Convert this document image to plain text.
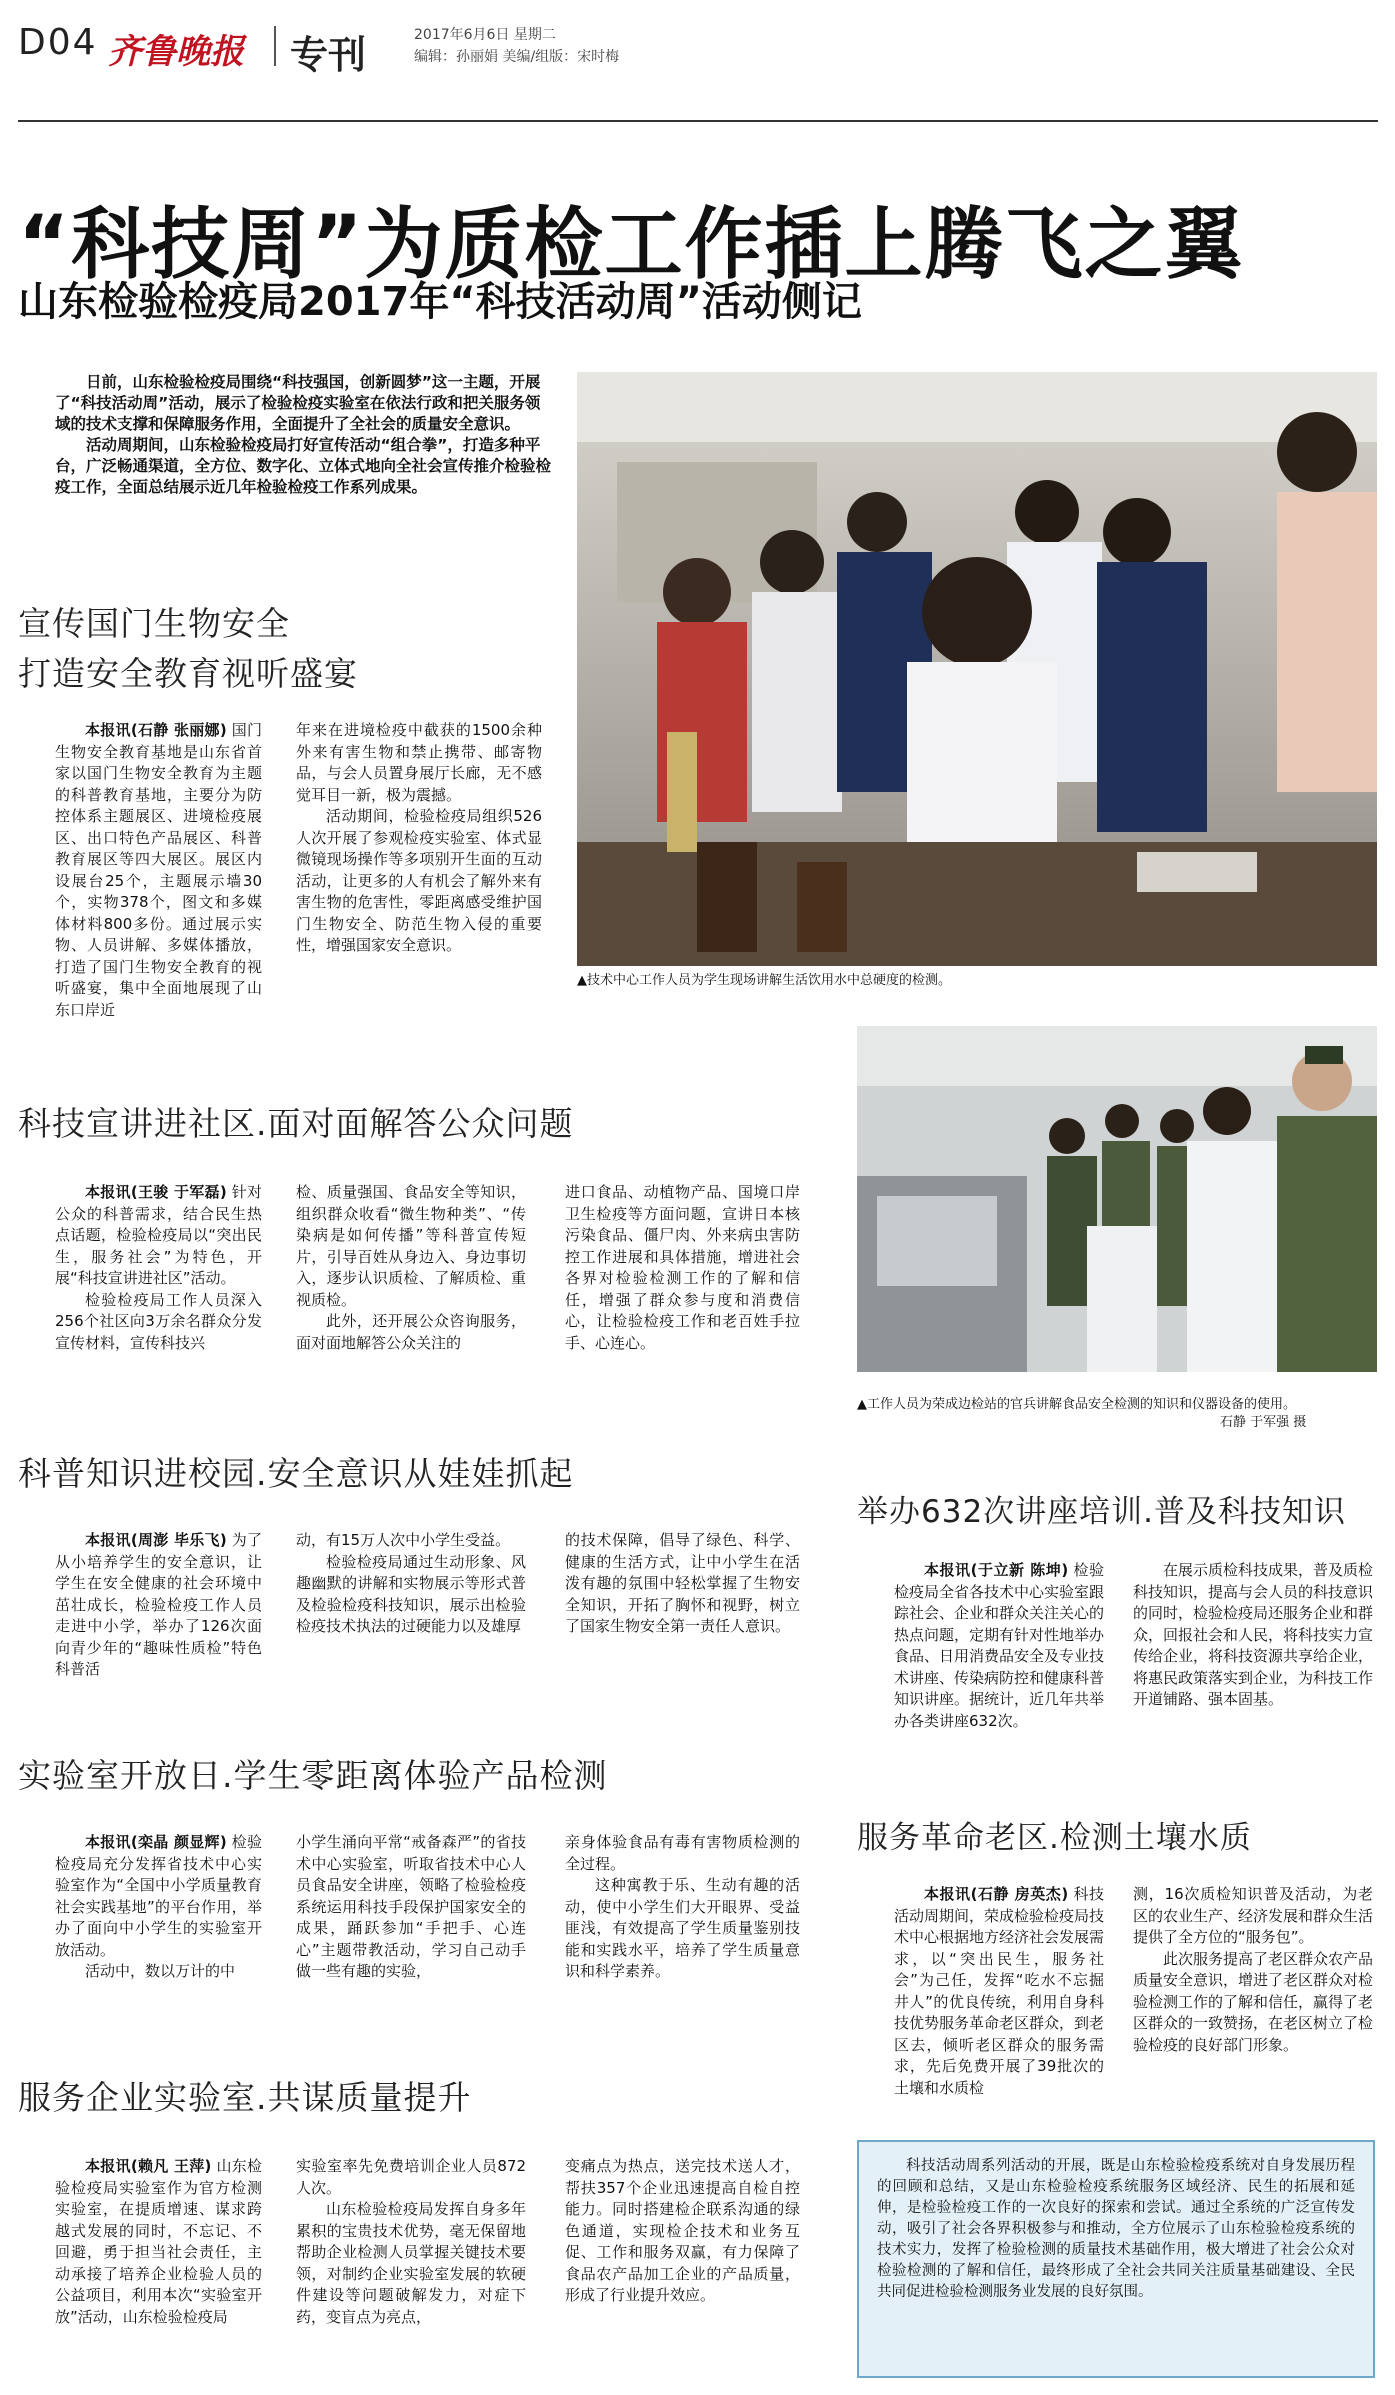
D04 齐鲁晚报 专刊	2017年6月6日 星期二
编辑：孙丽娟 美编/组版：宋时梅
“科技周”为质检工作插上腾飞之翼
山东检验检疫局2017年“科技活动周”活动侧记

日前，山东检验检疫局围绕“科技强国，创新圆梦”这一主题，开展了“科技活动周”活动，展示了检验检疫实验室在依法行政和把关服务领域的技术支撑和保障服务作用，全面提升了全社会的质量安全意识。

活动周期间，山东检验检疫局打好宣传活动“组合拳”，打造多种平台，广泛畅通渠道，全方位、数字化、立体式地向全社会宣传推介检验检疫工作，全面总结展示近几年检验检疫工作系列成果。

▲技术中心工作人员为学生现场讲解生活饮用水中总硬度的检测。
宣传国门生物安全
打造安全教育视听盛宴

本报讯(石静 张丽娜) 国门生物安全教育基地是山东省首家以国门生物安全教育为主题的科普教育基地，主要分为防控体系主题展区、进境检疫展区、出口特色产品展区、科普教育展区等四大展区。展区内设展台25个，主题展示墙30个，实物378个，图文和多媒体材料800多份。通过展示实物、人员讲解、多媒体播放，打造了国门生物安全教育的视听盛宴，集中全面地展现了山东口岸近

年来在进境检疫中截获的1500余种外来有害生物和禁止携带、邮寄物品，与会人员置身展厅长廊，无不感觉耳目一新，极为震撼。

活动期间，检验检疫局组织526人次开展了参观检疫实验室、体式显微镜现场操作等多项别开生面的互动活动，让更多的人有机会了解外来有害生物的危害性，零距离感受维护国门生物安全、防范生物入侵的重要性，增强国家安全意识。

▲工作人员为荣成边检站的官兵讲解食品安全检测的知识和仪器设备的使用。
石静 于军强 摄
科技宣讲进社区.面对面解答公众问题

本报讯(王骏 于军磊) 针对公众的科普需求，结合民生热点话题，检验检疫局以“突出民生，服务社会”为特色，开展“科技宣讲进社区”活动。

检验检疫局工作人员深入256个社区向3万余名群众分发宣传材料，宣传科技兴

检、质量强国、食品安全等知识，组织群众收看“微生物种类”、“传染病是如何传播”等科普宣传短片，引导百姓从身边入、身边事切入，逐步认识质检、了解质检、重视质检。

此外，还开展公众咨询服务，面对面地解答公众关注的

进口食品、动植物产品、国境口岸卫生检疫等方面问题，宣讲日本核污染食品、僵尸肉、外来病虫害防控工作进展和具体措施，增进社会各界对检验检测工作的了解和信任，增强了群众参与度和消费信心，让检验检疫工作和老百姓手拉手、心连心。

科普知识进校园.安全意识从娃娃抓起

本报讯(周澎 毕乐飞) 为了从小培养学生的安全意识，让学生在安全健康的社会环境中茁壮成长，检验检疫工作人员走进中小学，举办了126次面向青少年的“趣味性质检”特色科普活

动，有15万人次中小学生受益。

检验检疫局通过生动形象、风趣幽默的讲解和实物展示等形式普及检验检疫科技知识，展示出检验检疫技术执法的过硬能力以及雄厚

的技术保障，倡导了绿色、科学、健康的生活方式，让中小学生在活泼有趣的氛围中轻松掌握了生物安全知识，开拓了胸怀和视野，树立了国家生物安全第一责任人意识。

实验室开放日.学生零距离体验产品检测

本报讯(栾晶 颜显辉) 检验检疫局充分发挥省技术中心实验室作为“全国中小学质量教育社会实践基地”的平台作用，举办了面向中小学生的实验室开放活动。

活动中，数以万计的中

小学生涌向平常“戒备森严”的省技术中心实验室，听取省技术中心人员食品安全讲座，领略了检验检疫系统运用科技手段保护国家安全的成果，踊跃参加“手把手、心连心”主题带教活动，学习自己动手做一些有趣的实验，

亲身体验食品有毒有害物质检测的全过程。

这种寓教于乐、生动有趣的活动，使中小学生们大开眼界、受益匪浅，有效提高了学生质量鉴别技能和实践水平，培养了学生质量意识和科学素养。

服务企业实验室.共谋质量提升

本报讯(赖凡 王萍) 山东检验检疫局实验室作为官方检测实验室，在提质增速、谋求跨越式发展的同时，不忘记、不回避，勇于担当社会责任，主动承接了培养企业检验人员的公益项目，利用本次“实验室开放”活动，山东检验检疫局

实验室率先免费培训企业人员872人次。

山东检验检疫局发挥自身多年累积的宝贵技术优势，毫无保留地帮助企业检测人员掌握关键技术要领，对制约企业实验室发展的软硬件建设等问题破解发力，对症下药，变盲点为亮点，

变痛点为热点，送完技术送人才，帮扶357个企业迅速提高自检自控能力。同时搭建检企联系沟通的绿色通道，实现检企技术和业务互促、工作和服务双赢，有力保障了食品农产品加工企业的产品质量，形成了行业提升效应。

举办632次讲座培训.普及科技知识

本报讯(于立新 陈坤) 检验检疫局全省各技术中心实验室跟踪社会、企业和群众关注关心的热点问题，定期有针对性地举办食品、日用消费品安全及专业技术讲座、传染病防控和健康科普知识讲座。据统计，近几年共举办各类讲座632次。

在展示质检科技成果，普及质检科技知识，提高与会人员的科技意识的同时，检验检疫局还服务企业和群众，回报社会和人民，将科技实力宣传给企业，将科技资源共享给企业，将惠民政策落实到企业，为科技工作开道铺路、强本固基。

服务革命老区.检测土壤水质

本报讯(石静 房英杰) 科技活动周期间，荣成检验检疫局技术中心根据地方经济社会发展需求，以“突出民生，服务社会”为己任，发挥“吃水不忘掘井人”的优良传统，利用自身科技优势服务革命老区群众，到老区去，倾听老区群众的服务需求，先后免费开展了39批次的土壤和水质检

测，16次质检知识普及活动，为老区的农业生产、经济发展和群众生活提供了全方位的“服务包”。

此次服务提高了老区群众农产品质量安全意识，增进了老区群众对检验检测工作的了解和信任，赢得了老区群众的一致赞扬，在老区树立了检验检疫的良好部门形象。

科技活动周系列活动的开展，既是山东检验检疫系统对自身发展历程的回顾和总结，又是山东检验检疫系统服务区域经济、民生的拓展和延伸，是检验检疫工作的一次良好的探索和尝试。通过全系统的广泛宣传发动，吸引了社会各界积极参与和推动，全方位展示了山东检验检疫系统的技术实力，发挥了检验检测的质量技术基础作用，极大增进了社会公众对检验检测的了解和信任，最终形成了全社会共同关注质量基础建设、全民共同促进检验检测服务业发展的良好氛围。
